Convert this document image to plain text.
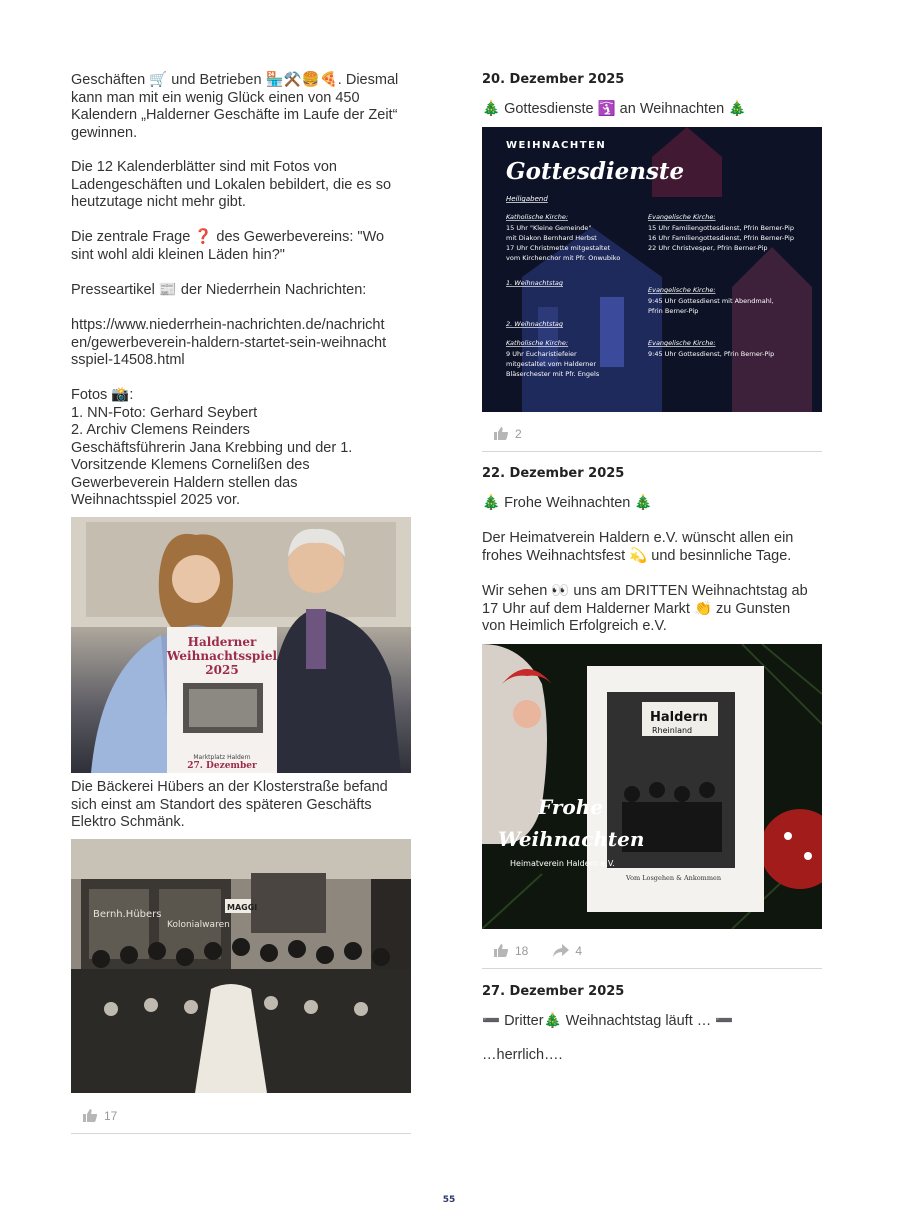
Geschäften 🛒 und Betrieben 🏪⚒️🍔🍕. Diesmal
kann man mit ein wenig Glück einen von 450
Kalendern „Halderner Geschäfte im Laufe der Zeit“
gewinnen.
Die 12 Kalenderblätter sind mit Fotos von
Ladengeschäften und Lokalen bebildert, die es so
heutzutage nicht mehr gibt.
Die zentrale Frage ❓ des Gewerbevereins: "Wo
sint wohl aldi kleinen Läden hin?"
Presseartikel 📰 der Niederrhein Nachrichten:
https://www.niederrhein-nachrichten.de/nachricht
en/gewerbeverein-haldern-startet-sein-weihnacht
sspiel-14508.html
Fotos 📸:
1. NN-Foto: Gerhard Seybert
2. Archiv Clemens Reinders
Geschäftsführerin Jana Krebbing und der 1.
Vorsitzende Klemens Cornelißen des
Gewerbeverein Haldern stellen das
Weihnachtsspiel 2025 vor.
Halderner
Weihnachtsspiel
2025
Marktplatz Haldern
27. Dezember
Die Bäckerei Hübers an der Klosterstraße befand
sich einst am Standort des späteren Geschäfts
Elektro Schmänk.
Bernh.Hübers
Kolonialwaren
MAGGI
17
20. Dezember 2025
🎄 Gottesdienste 🛐 an Weihnachten 🎄
WEIHNACHTEN
Gottesdienste
Heiligabend
Katholische Kirche:
15 Uhr "Kleine Gemeinde"
mit Diakon Bernhard Herbst
17 Uhr Christmette mitgestaltet
vom Kirchenchor mit Pfr. Onwubiko
Evangelische Kirche:
15 Uhr Familiengottesdienst, Pfrin Berner-Pip
16 Uhr Familiengottesdienst, Pfrin Berner-Pip
22 Uhr Christvesper, Pfrin Berner-Pip
1. Weihnachtstag
Evangelische Kirche:
9:45 Uhr Gottesdienst mit Abendmahl,
Pfrin Berner-Pip
2. Weihnachtstag
Katholische Kirche:
9 Uhr Eucharistiefeier
mitgestaltet vom Halderner
Bläserchester mit Pfr. Engels
Evangelische Kirche:
9:45 Uhr Gottesdienst, Pfrin Berner-Pip
2
22. Dezember 2025
🎄 Frohe Weihnachten 🎄
Der Heimatverein Haldern e.V. wünscht allen ein
frohes Weihnachtsfest 💫 und besinnliche Tage.
Wir sehen 👀 uns am DRITTEN Weihnachtstag ab
17 Uhr auf dem Halderner Markt 👏 zu Gunsten
von Heimlich Erfolgreich e.V.
Haldern
Rheinland
Vom Losgehen & Ankommen
Frohe
Weihnachten
Heimatverein Haldern e.V.
18	4
27. Dezember 2025
➖ Dritter🎄 Weihnachtstag läuft … ➖
…herrlich….
55
